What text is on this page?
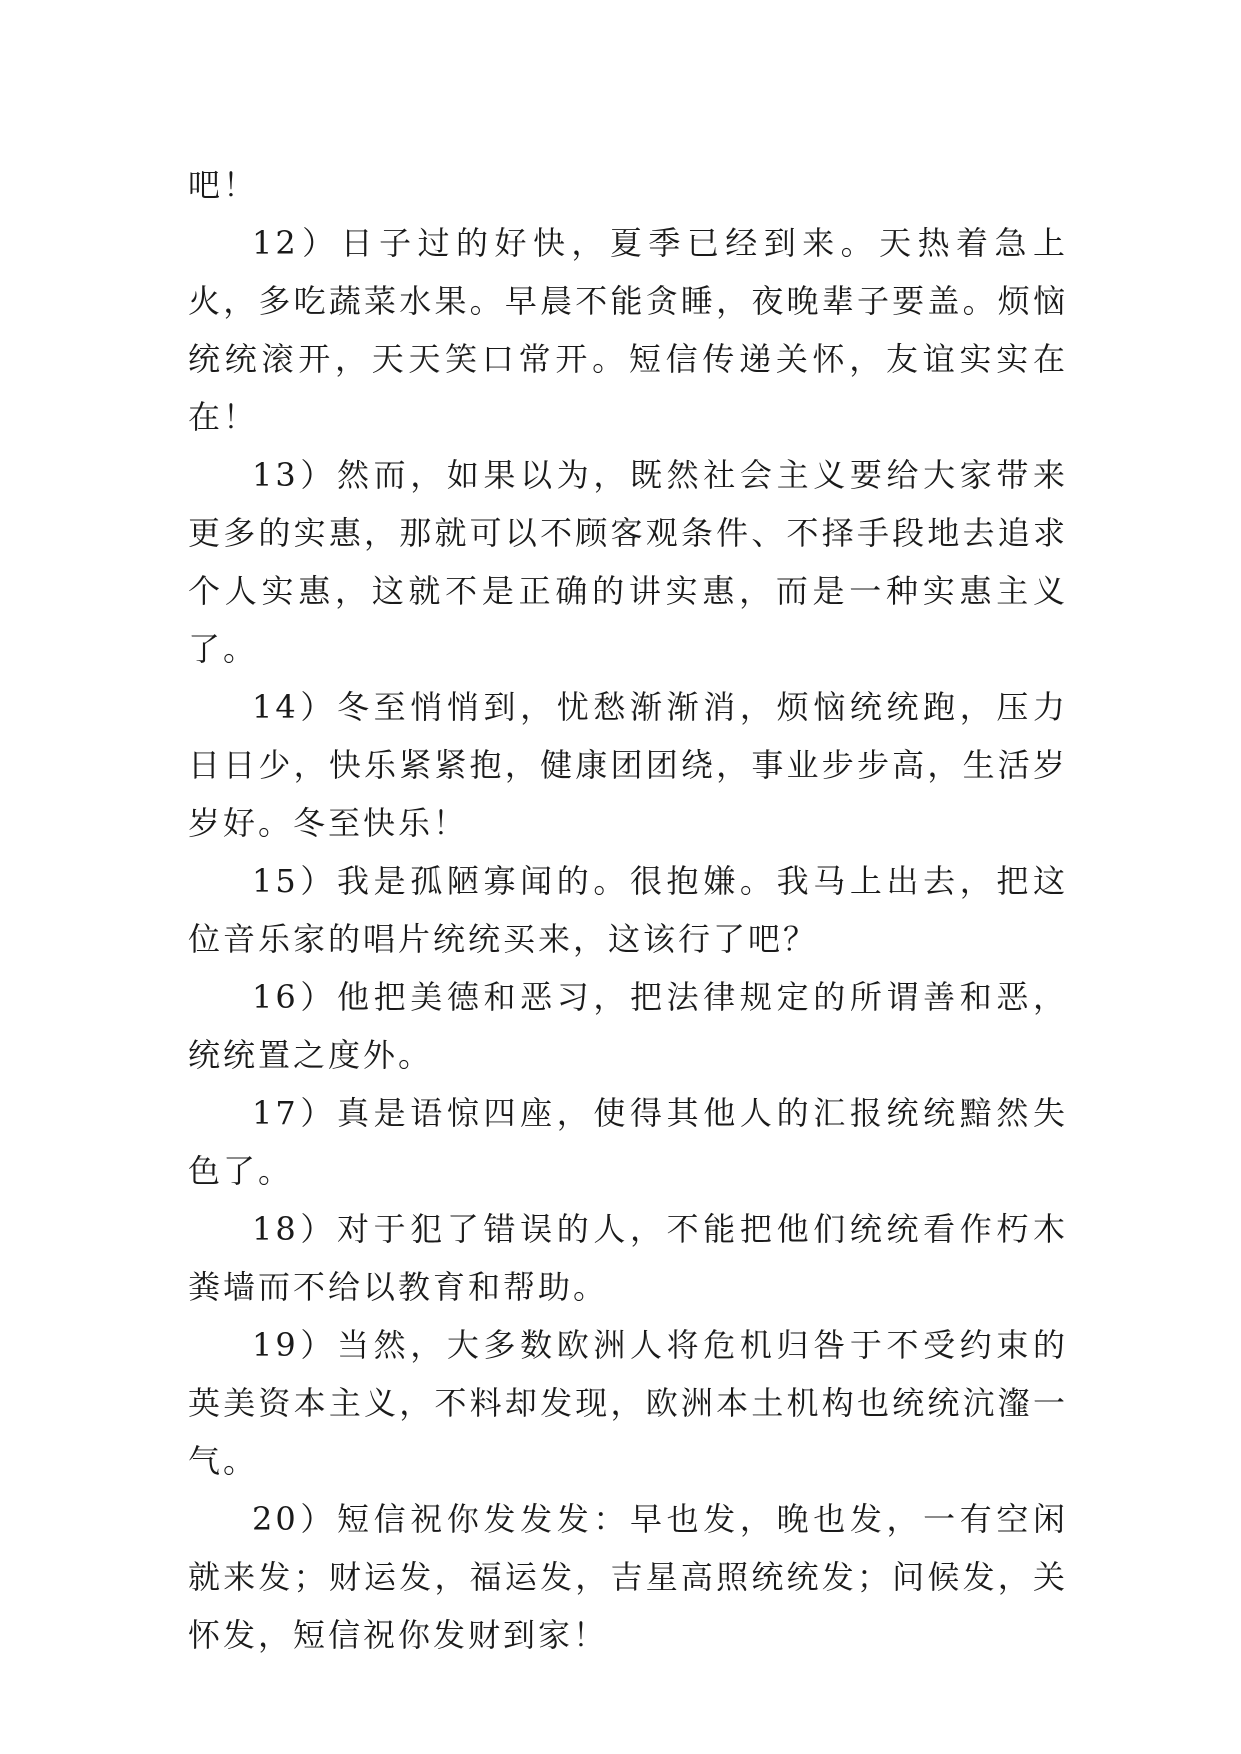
吧！

12）日子过的好快，夏季已经到来。天热着急上火，多吃蔬菜水果。早晨不能贪睡，夜晚辈子要盖。烦恼统统滚开，天天笑口常开。短信传递关怀，友谊实实在在！

13）然而，如果以为，既然社会主义要给大家带来更多的实惠，那就可以不顾客观条件、不择手段地去追求个人实惠，这就不是正确的讲实惠，而是一种实惠主义了。

14）冬至悄悄到，忧愁渐渐消，烦恼统统跑，压力日日少，快乐紧紧抱，健康团团绕，事业步步高，生活岁岁好。冬至快乐！

15）我是孤陋寡闻的。很抱嫌。我马上出去，把这位音乐家的唱片统统买来，这该行了吧？

16）他把美德和恶习，把法律规定的所谓善和恶，统统置之度外。

17）真是语惊四座，使得其他人的汇报统统黯然失色了。

18）对于犯了错误的人，不能把他们统统看作朽木粪墙而不给以教育和帮助。

19）当然，大多数欧洲人将危机归咎于不受约束的英美资本主义，不料却发现，欧洲本土机构也统统沆瀣一气。

20）短信祝你发发发：早也发，晚也发，一有空闲就来发；财运发，福运发，吉星高照统统发；问候发，关怀发，短信祝你发财到家！
